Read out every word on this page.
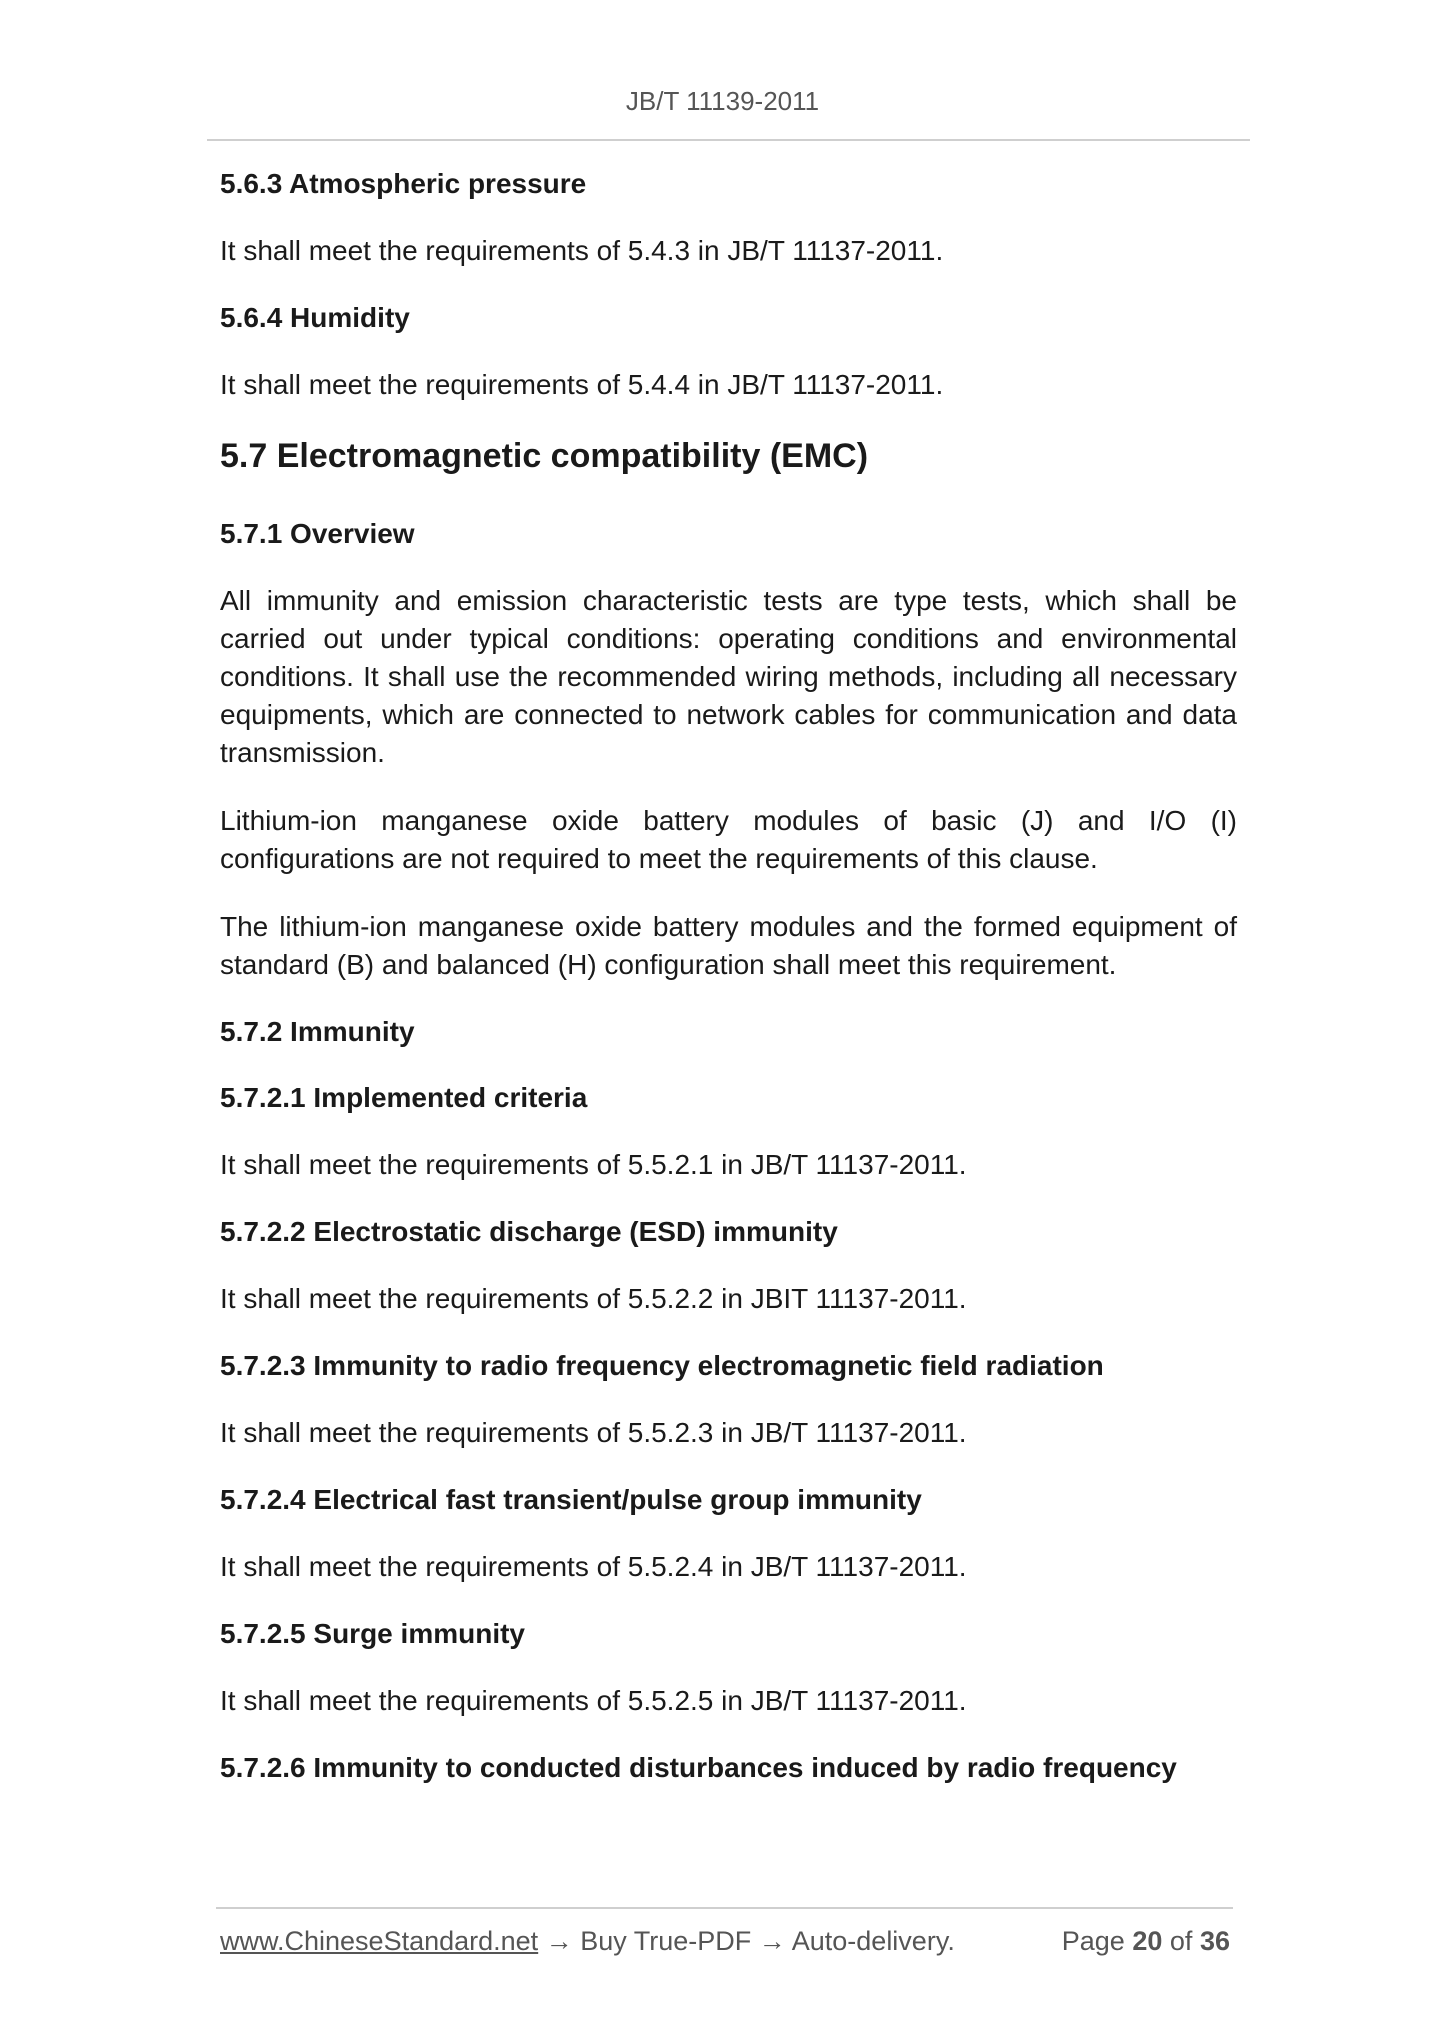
JB/T 11139-2011
5.6.3 Atmospheric pressure
It shall meet the requirements of 5.4.3 in JB/T 11137-2011.
5.6.4 Humidity
It shall meet the requirements of 5.4.4 in JB/T 11137-2011.
5.7 Electromagnetic compatibility (EMC)
5.7.1 Overview
All immunity and emission characteristic tests are type tests, which shall be carried out under typical conditions: operating conditions and environmental conditions. It shall use the recommended wiring methods, including all necessary equipments, which are connected to network cables for communication and data transmission.
Lithium-ion manganese oxide battery modules of basic (J) and I/O (I) configurations are not required to meet the requirements of this clause.
The lithium-ion manganese oxide battery modules and the formed equipment of standard (B) and balanced (H) configuration shall meet this requirement.
5.7.2 Immunity
5.7.2.1 Implemented criteria
It shall meet the requirements of 5.5.2.1 in JB/T 11137-2011.
5.7.2.2 Electrostatic discharge (ESD) immunity
It shall meet the requirements of 5.5.2.2 in JBIT 11137-2011.
5.7.2.3 Immunity to radio frequency electromagnetic field radiation
It shall meet the requirements of 5.5.2.3 in JB/T 11137-2011.
5.7.2.4 Electrical fast transient/pulse group immunity
It shall meet the requirements of 5.5.2.4 in JB/T 11137-2011.
5.7.2.5 Surge immunity
It shall meet the requirements of 5.5.2.5 in JB/T 11137-2011.
5.7.2.6 Immunity to conducted disturbances induced by radio frequency
www.ChineseStandard.net → Buy True-PDF → Auto-delivery.	Page 20 of 36
